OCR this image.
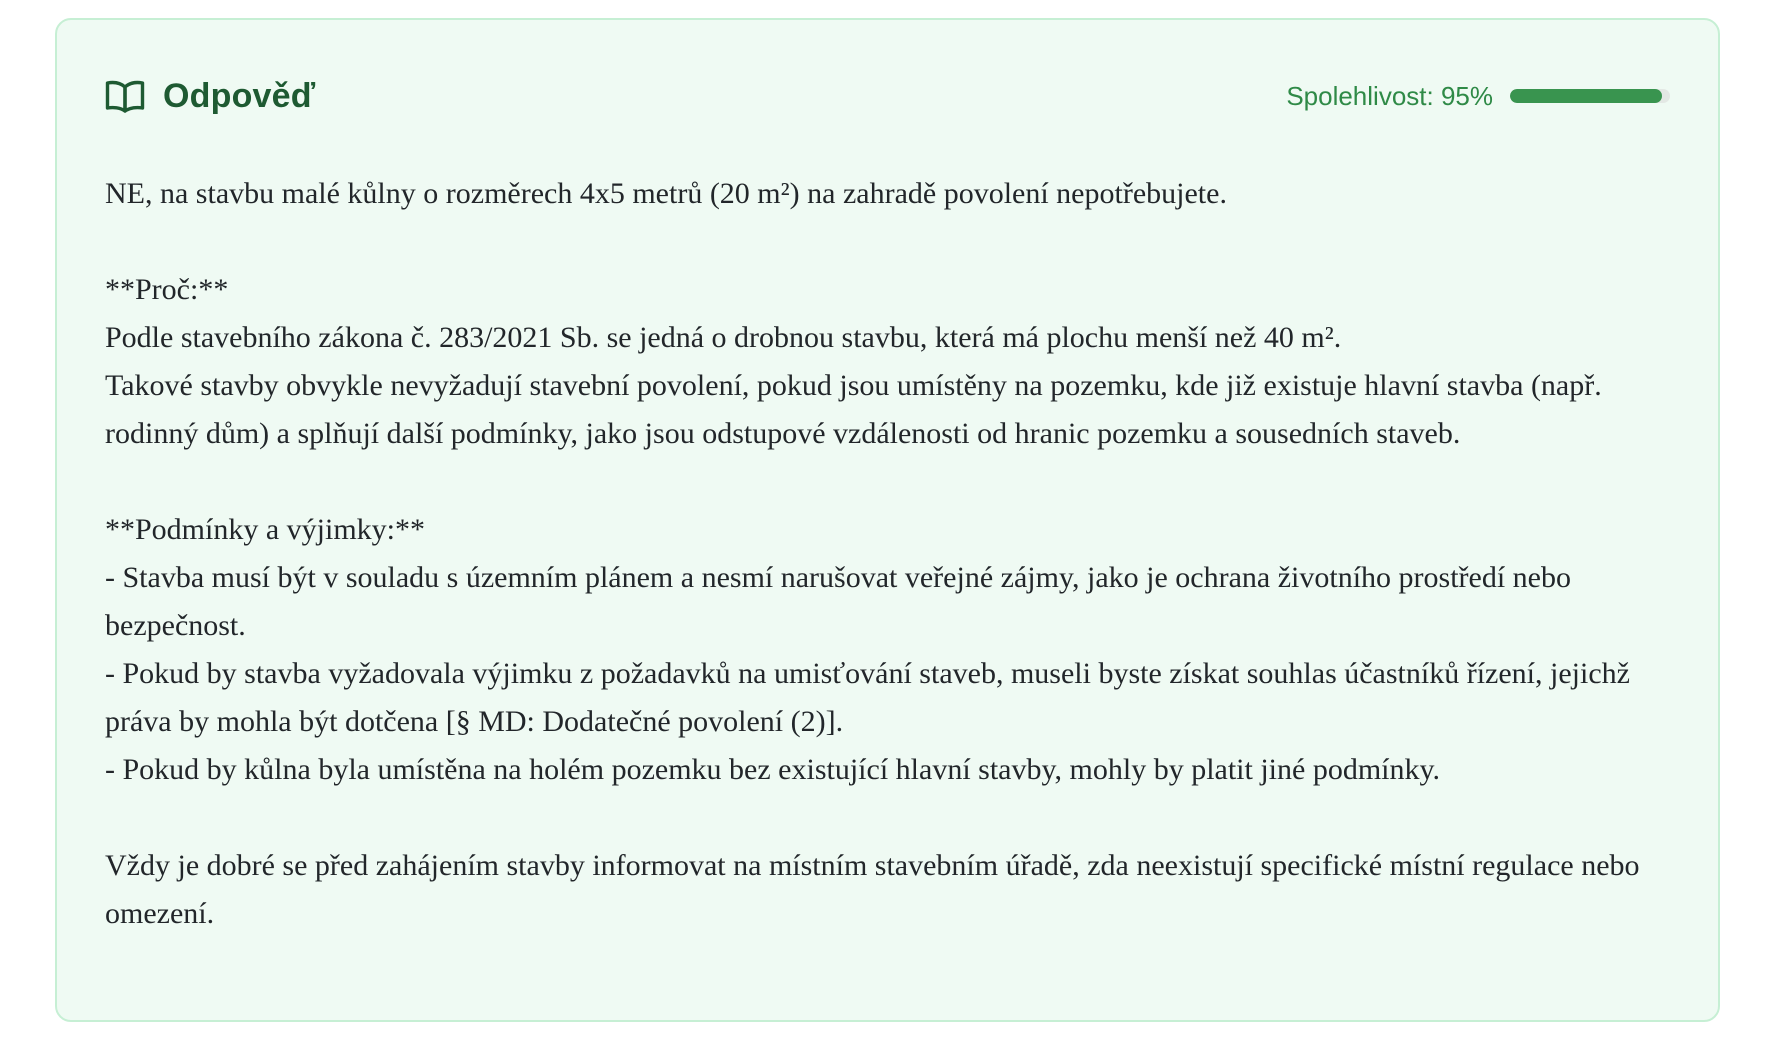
Odpověď	Spolehlivost: 95%

NE, na stavbu malé kůlny o rozměrech 4x5 metrů (20 m²) na zahradě povolení nepotřebujete.

**Proč:**
Podle stavebního zákona č. 283/2021 Sb. se jedná o drobnou stavbu, která má plochu menší než 40 m².
Takové stavby obvykle nevyžadují stavební povolení, pokud jsou umístěny na pozemku, kde již existuje hlavní stavba (např. rodinný dům) a splňují další podmínky, jako jsou odstupové vzdálenosti od hranic pozemku a sousedních staveb.

**Podmínky a výjimky:**
- Stavba musí být v souladu s územním plánem a nesmí narušovat veřejné zájmy, jako je ochrana životního prostředí nebo bezpečnost.
- Pokud by stavba vyžadovala výjimku z požadavků na umisťování staveb, museli byste získat souhlas účastníků řízení, jejichž práva by mohla být dotčena [§ MD: Dodatečné povolení (2)].
- Pokud by kůlna byla umístěna na holém pozemku bez existující hlavní stavby, mohly by platit jiné podmínky.

Vždy je dobré se před zahájením stavby informovat na místním stavebním úřadě, zda neexistují specifické místní regulace nebo omezení.
